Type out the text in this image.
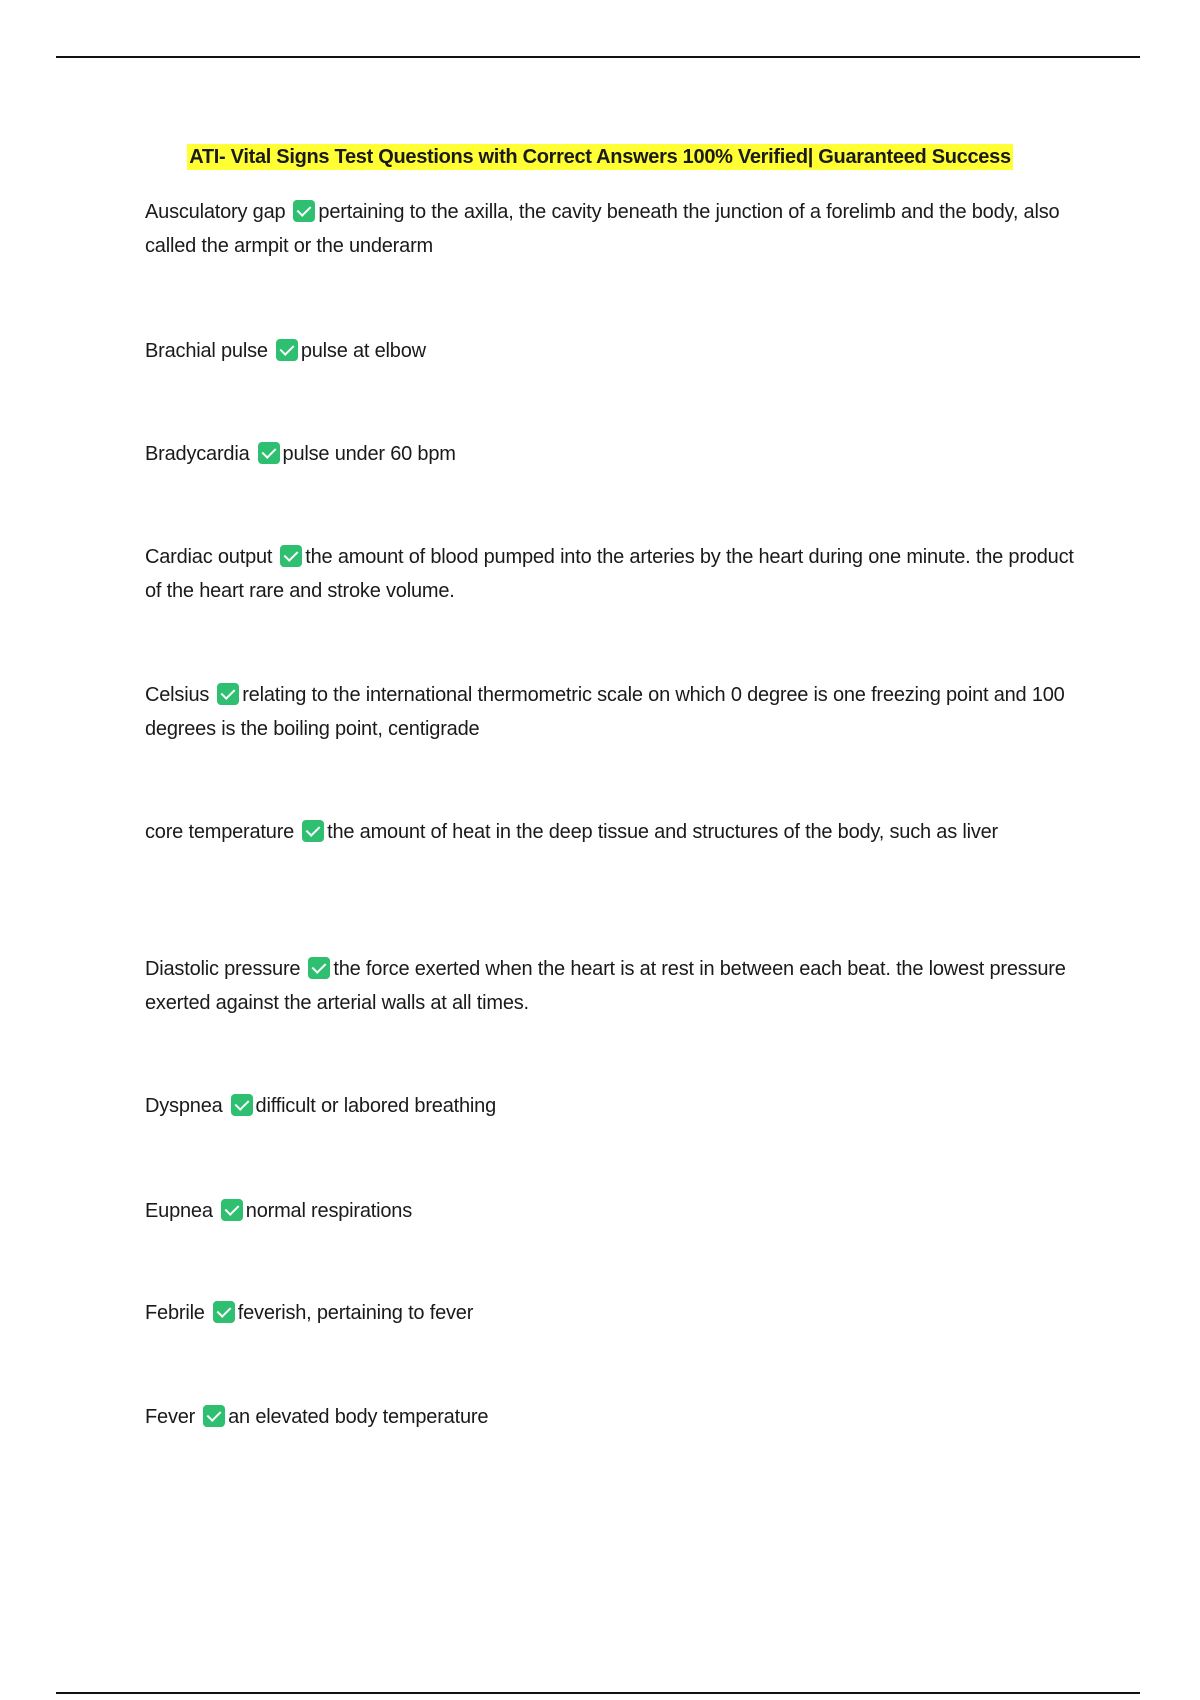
ATI- Vital Signs Test Questions with Correct Answers 100% Verified| Guaranteed Success
Ausculatory gap pertaining to the axilla, the cavity beneath the junction of a forelimb and the body, also called the armpit or the underarm
Brachial pulse pulse at elbow
Bradycardia pulse under 60 bpm
Cardiac output the amount of blood pumped into the arteries by the heart during one minute. the product of the heart rare and stroke volume.
Celsius relating to the international thermometric scale on which 0 degree is one freezing point and 100 degrees is the boiling point, centigrade
core temperature the amount of heat in the deep tissue and structures of the body, such as liver
Diastolic pressure the force exerted when the heart is at rest in between each beat. the lowest pressure exerted against the arterial walls at all times.
Dyspnea difficult or labored breathing
Eupnea normal respirations
Febrile feverish, pertaining to fever
Fever an elevated body temperature
